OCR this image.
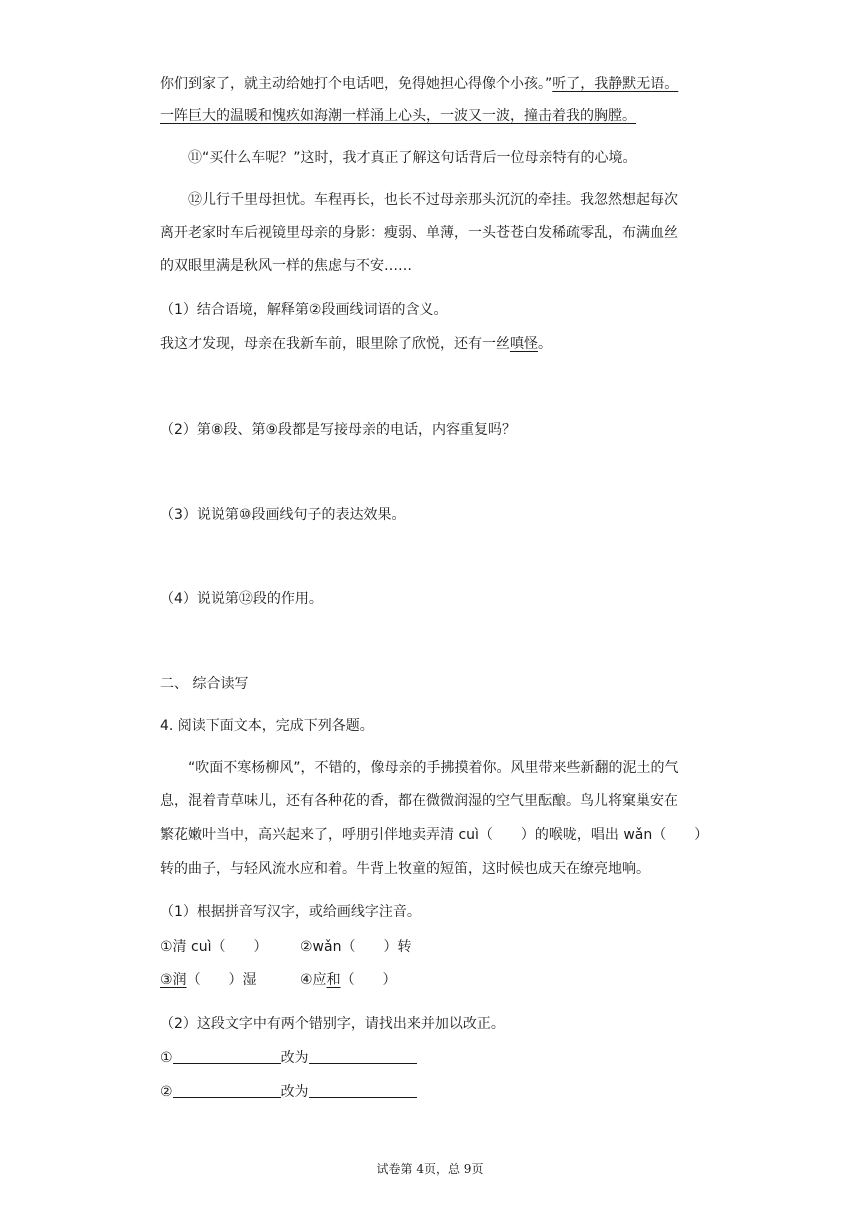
你们到家了，就主动给她打个电话吧，免得她担心得像个小孩。”听了，我静默无语。
一阵巨大的温暖和愧疚如海潮一样涌上心头，一波又一波，撞击着我的胸膛。
⑪“买什么车呢？”这时，我才真正了解这句话背后一位母亲特有的心境。
⑫儿行千里母担忧。车程再长，也长不过母亲那头沉沉的牵挂。我忽然想起每次
离开老家时车后视镜里母亲的身影：瘦弱、单薄，一头苍苍白发稀疏零乱，布满血丝
的双眼里满是秋风一样的焦虑与不安……
（1）结合语境，解释第②段画线词语的含义。
我这才发现，母亲在我新车前，眼里除了欣悦，还有一丝嗔怪。
（2）第⑧段、第⑨段都是写接母亲的电话，内容重复吗？
（3）说说第⑩段画线句子的表达效果。
（4）说说第⑫段的作用。
二、 综合读写
4. 阅读下面文本，完成下列各题。
“吹面不寒杨柳风”，不错的，像母亲的手拂摸着你。风里带来些新翻的泥土的气
息，混着青草味儿，还有各种花的香，都在微微润湿的空气里酝酿。鸟儿将窠巢安在
繁花嫩叶当中，高兴起来了，呼朋引伴地卖弄清 cuì（　　）的喉咙，唱出 wǎn（　　）
转的曲子，与轻风流水应和着。牛背上牧童的短笛，这时候也成天在缭亮地响。
（1）根据拼音写汉字，或给画线字注音。
①清 cuì（　　） ②wǎn（　　）转
③润（　　）湿	④应和（　　）
（2）这段文字中有两个错别字，请找出来并加以改正。
①	改为
②	改为
试卷第 4页，总 9页
